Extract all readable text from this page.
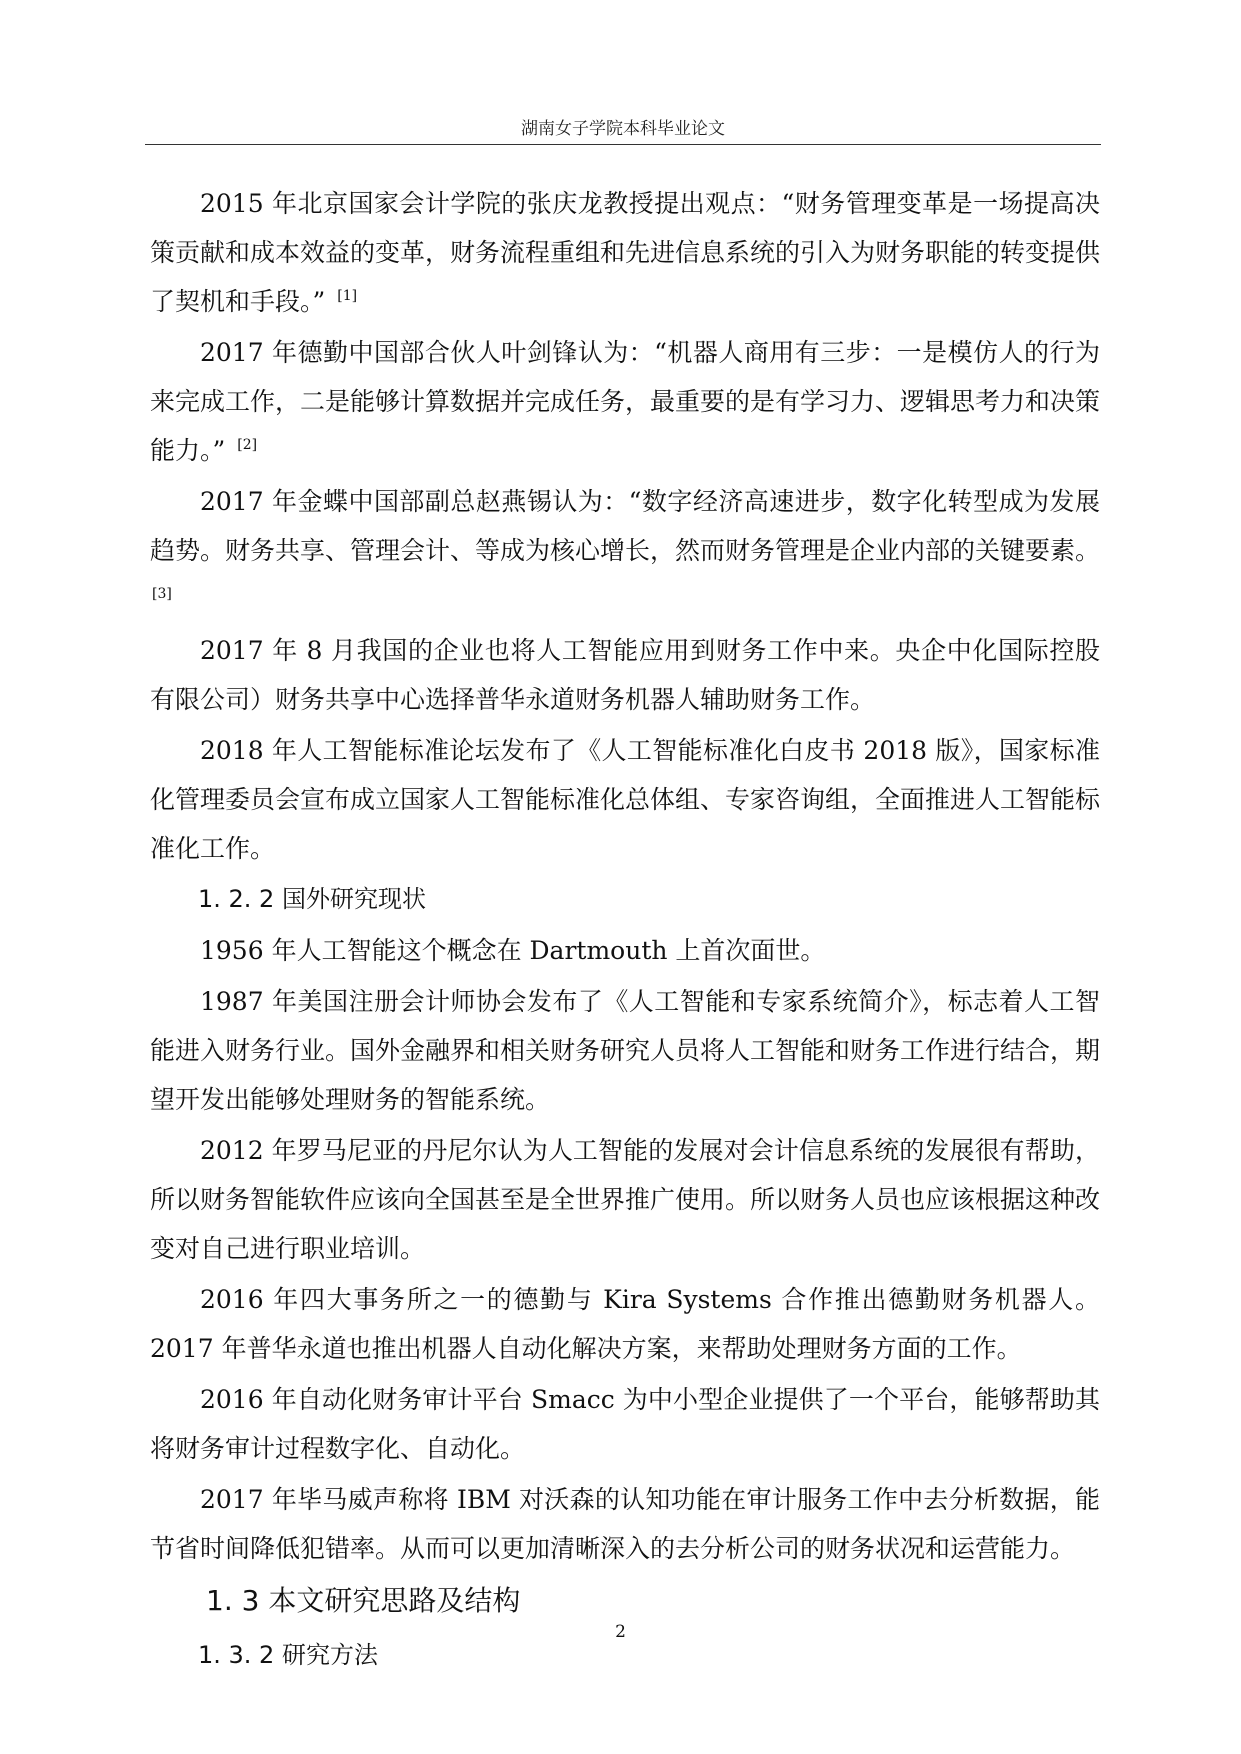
湖南女子学院本科毕业论文

2015 年北京国家会计学院的张庆龙教授提出观点：“财务管理变革是一场提高决策贡献和成本效益的变革，财务流程重组和先进信息系统的引入为财务职能的转变提供了契机和手段。” [1]

2017 年德勤中国部合伙人叶剑锋认为：“机器人商用有三步：一是模仿人的行为来完成工作，二是能够计算数据并完成任务，最重要的是有学习力、逻辑思考力和决策能力。” [2]

2017 年金蝶中国部副总赵燕锡认为：“数字经济高速进步，数字化转型成为发展趋势。财务共享、管理会计、等成为核心增长，然而财务管理是企业内部的关键要素。[3]

2017 年 8 月我国的企业也将人工智能应用到财务工作中来。央企中化国际控股有限公司）财务共享中心选择普华永道财务机器人辅助财务工作。

2018 年人工智能标准论坛发布了《人工智能标准化白皮书 2018 版》，国家标准化管理委员会宣布成立国家人工智能标准化总体组、专家咨询组，全面推进人工智能标准化工作。

1. 2. 2 国外研究现状

1956 年人工智能这个概念在 Dartmouth 上首次面世。

1987 年美国注册会计师协会发布了《人工智能和专家系统简介》，标志着人工智能进入财务行业。国外金融界和相关财务研究人员将人工智能和财务工作进行结合，期望开发出能够处理财务的智能系统。

2012 年罗马尼亚的丹尼尔认为人工智能的发展对会计信息系统的发展很有帮助，所以财务智能软件应该向全国甚至是全世界推广使用。所以财务人员也应该根据这种改变对自己进行职业培训。

2016 年四大事务所之一的德勤与 Kira Systems 合作推出德勤财务机器人。 2017 年普华永道也推出机器人自动化解决方案，来帮助处理财务方面的工作。

2016 年自动化财务审计平台 Smacc 为中小型企业提供了一个平台，能够帮助其将财务审计过程数字化、自动化。

2017 年毕马威声称将 IBM 对沃森的认知功能在审计服务工作中去分析数据，能节省时间降低犯错率。从而可以更加清晰深入的去分析公司的财务状况和运营能力。

1. 3 本文研究思路及结构

1. 3. 2 研究方法

2
